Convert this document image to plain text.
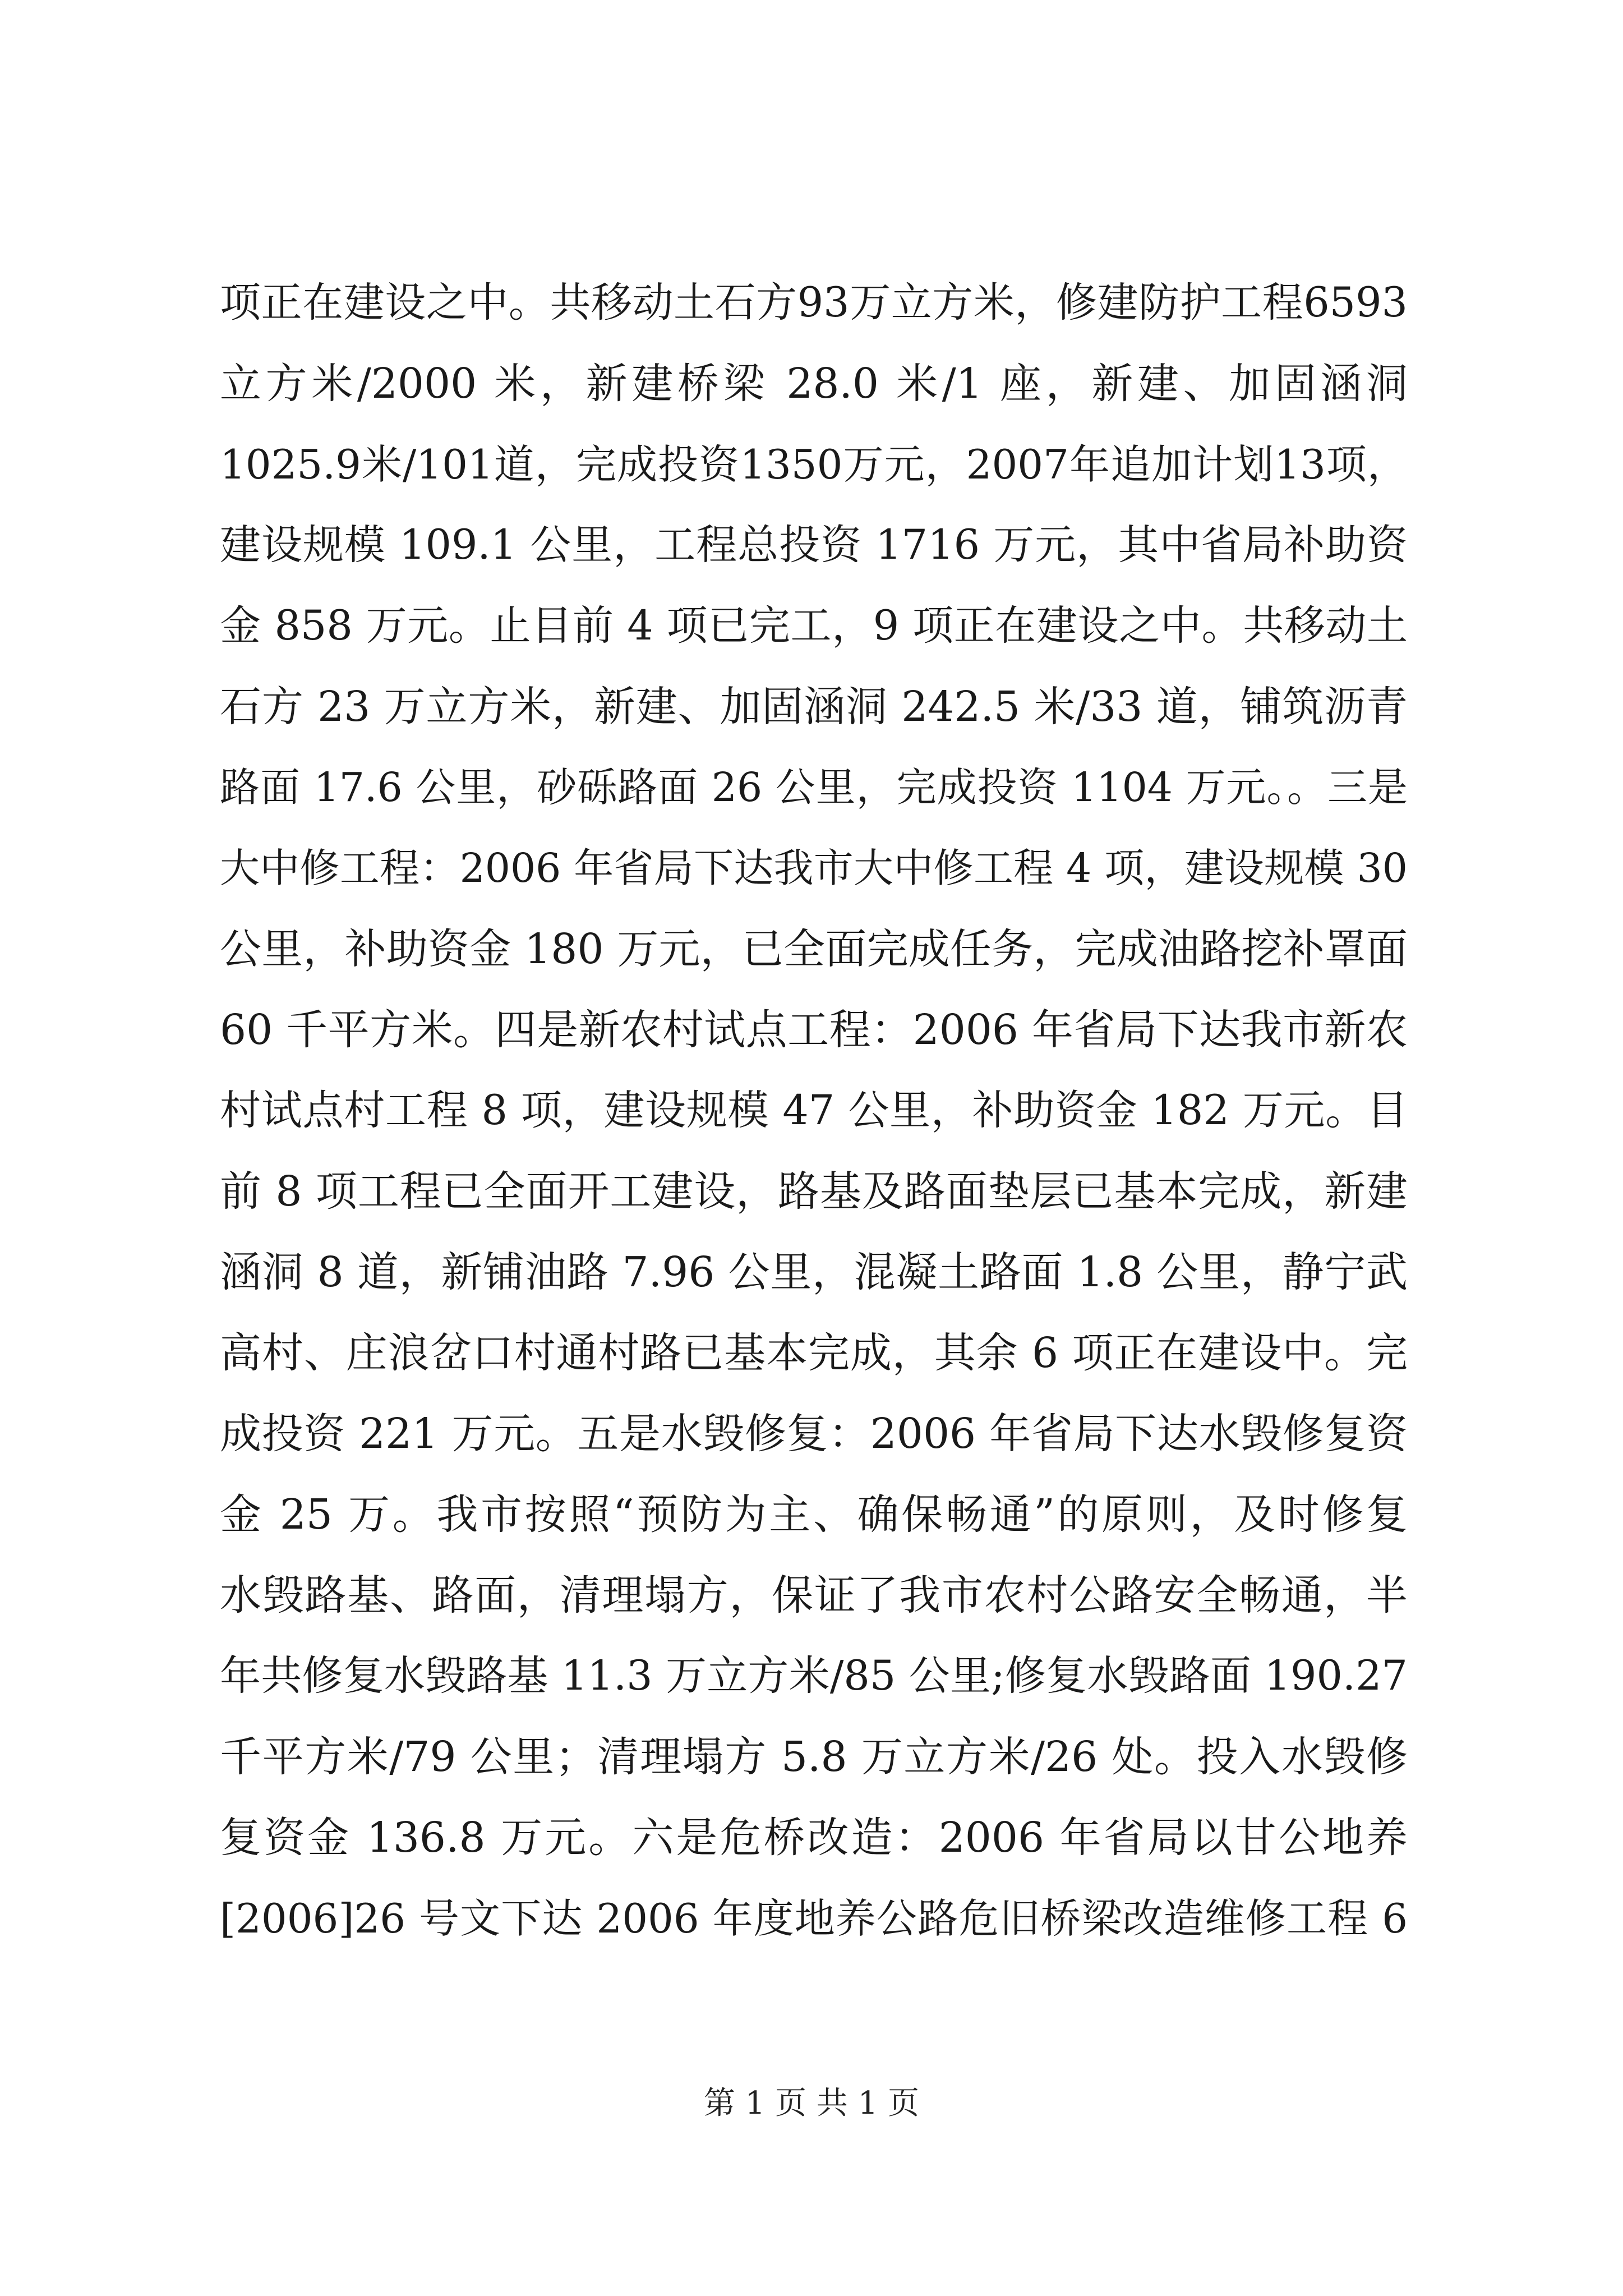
项正在建设之中。共移动土石方93万立方米，修建防护工程6593
立方米/2000 米，新建桥梁 28.0 米/1 座，新建、加固涵洞
1025.9米/101道，完成投资1350万元，2007年追加计划13项，
建设规模 109.1 公里，工程总投资 1716 万元，其中省局补助资
金 858 万元。止目前 4 项已完工，9 项正在建设之中。共移动土
石方 23 万立方米，新建、加固涵洞 242.5 米/33 道，铺筑沥青
路面 17.6 公里，砂砾路面 26 公里，完成投资 1104 万元。。三是
大中修工程：2006 年省局下达我市大中修工程 4 项，建设规模 30
公里，补助资金 180 万元，已全面完成任务，完成油路挖补罩面
60 千平方米。四是新农村试点工程：2006 年省局下达我市新农
村试点村工程 8 项，建设规模 47 公里，补助资金 182 万元。目
前 8 项工程已全面开工建设，路基及路面垫层已基本完成，新建
涵洞 8 道，新铺油路 7.96 公里，混凝土路面 1.8 公里，静宁武
高村、庄浪岔口村通村路已基本完成，其余 6 项正在建设中。完
成投资 221 万元。五是水毁修复：2006 年省局下达水毁修复资
金 25 万。我市按照“预防为主、确保畅通”的原则，及时修复
水毁路基、路面，清理塌方，保证了我市农村公路安全畅通，半
年共修复水毁路基 11.3 万立方米/85 公里;修复水毁路面 190.27
千平方米/79 公里；清理塌方 5.8 万立方米/26 处。投入水毁修
复资金 136.8 万元。六是危桥改造：2006 年省局以甘公地养
[2006]26 号文下达 2006 年度地养公路危旧桥梁改造维修工程 6
第 1 页 共 1 页
